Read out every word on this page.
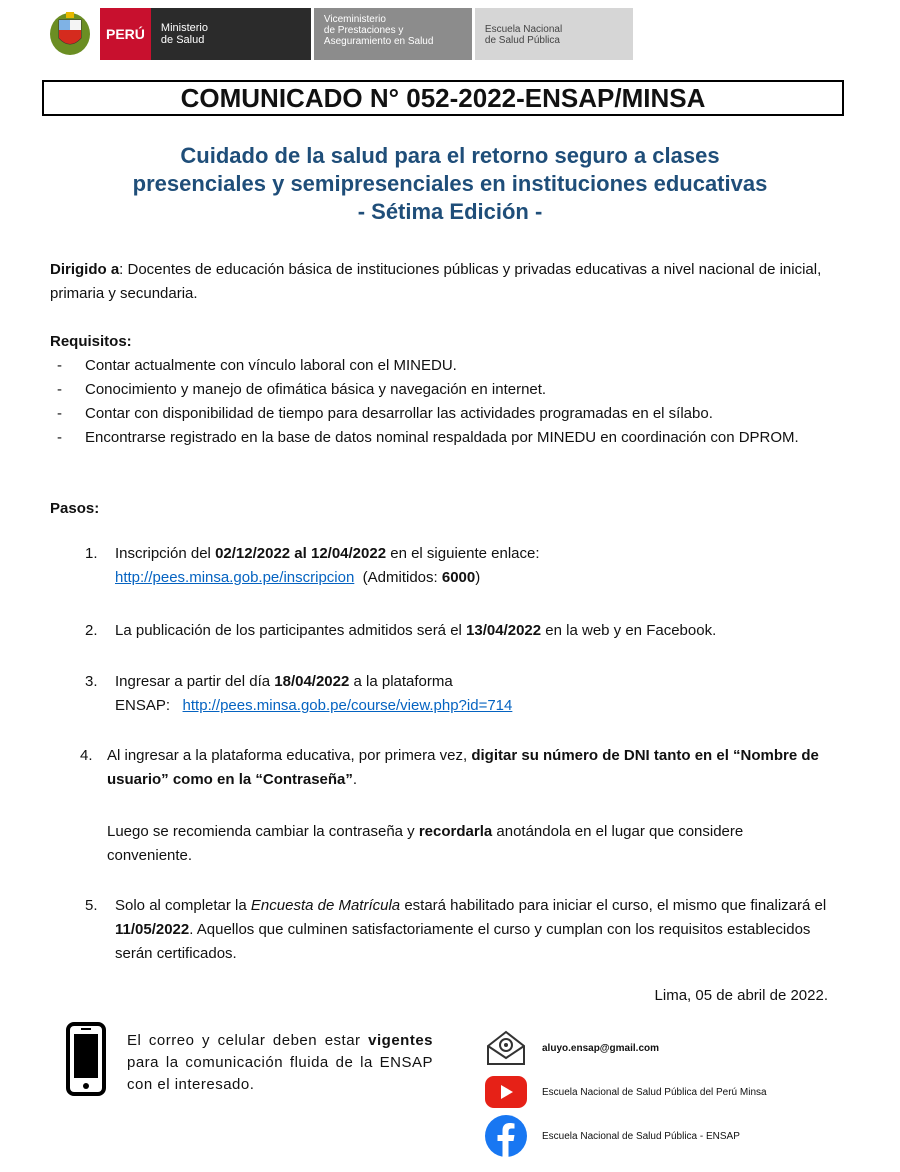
PERÚ	Ministerio
de Salud
Viceministerio
de Prestaciones y
Aseguramiento en Salud
Escuela Nacional
de Salud Pública
COMUNICADO N° 052-2022-ENSAP/MINSA
Cuidado de la salud para el retorno seguro a clases
presenciales y semipresenciales en instituciones educativas
- Sétima Edición -
Dirigido a: Docentes de educación básica de instituciones públicas y privadas educativas a nivel nacional de inicial, primaria y secundaria.
Requisitos:
- Contar actualmente con vínculo laboral con el MINEDU.
- Conocimiento y manejo de ofimática básica y navegación en internet.
- Contar con disponibilidad de tiempo para desarrollar las actividades programadas en el sílabo.
- Encontrarse registrado en la base de datos nominal respaldada por MINEDU en coordinación con DPROM.
Pasos:
1. Inscripción del 02/12/2022 al 12/04/2022 en el siguiente enlace:
http://pees.minsa.gob.pe/inscripcion (Admitidos: 6000)
2.	La publicación de los participantes admitidos será el 13/04/2022 en la web y en Facebook.
3. Ingresar a partir del día 18/04/2022 a la plataforma
ENSAP: http://pees.minsa.gob.pe/course/view.php?id=714
4. Al ingresar a la plataforma educativa, por primera vez, digitar su número de DNI tanto en el “Nombre de usuario” como en la “Contraseña”.
Luego se recomienda cambiar la contraseña y recordarla anotándola en el lugar que considere conveniente.
5.	Solo al completar la Encuesta de Matrícula estará habilitado para iniciar el curso, el mismo que finalizará el 11/05/2022. Aquellos que culminen satisfactoriamente el curso y cumplan con los requisitos establecidos serán certificados.
Lima, 05 de abril de 2022.
El correo y celular deben estar vigentes para la comunicación fluida de la ENSAP con el interesado.
aluyo.ensap@gmail.com
Escuela Nacional de Salud Pública del Perú Minsa
Escuela Nacional de Salud Pública - ENSAP
